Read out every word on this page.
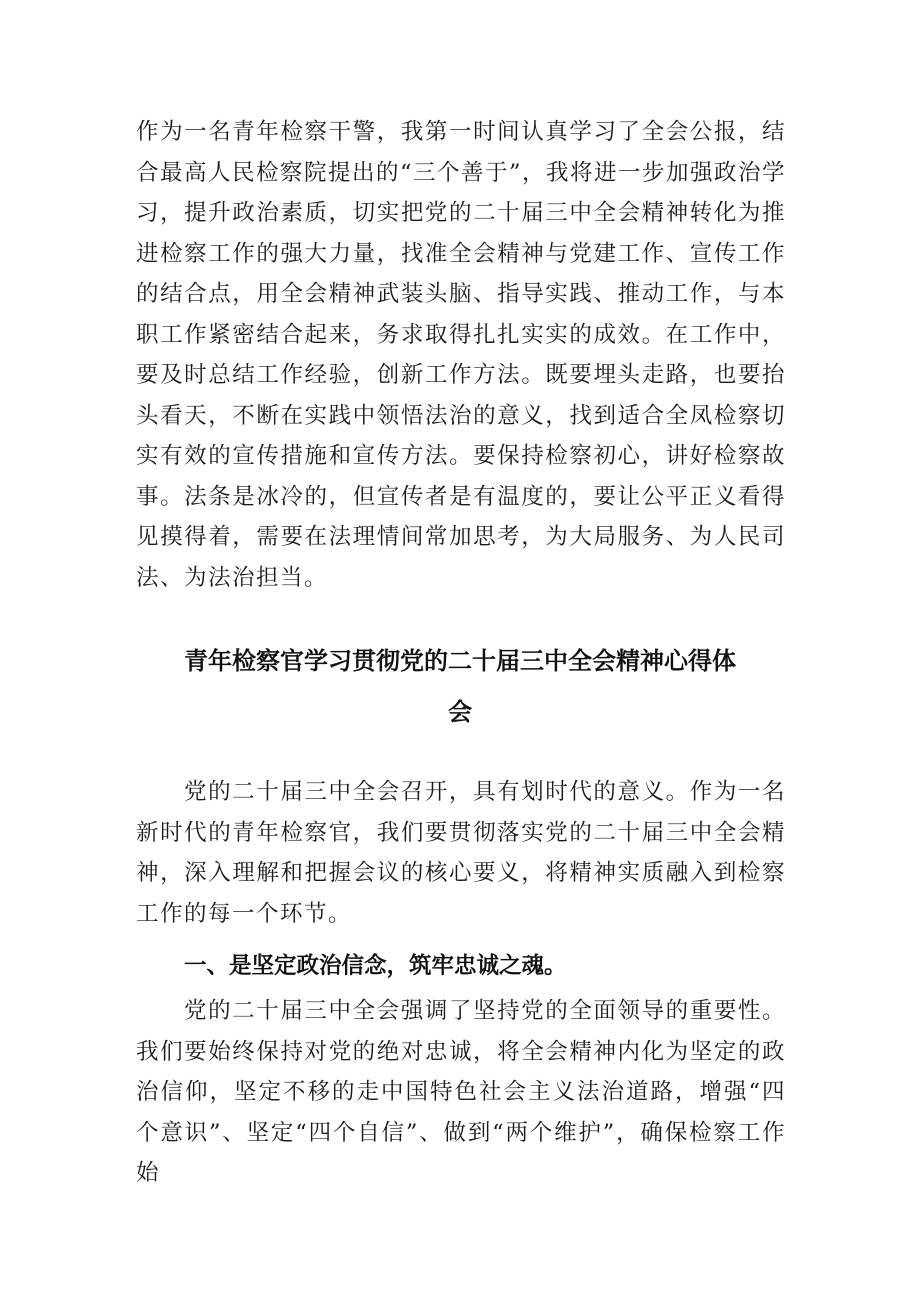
作为一名青年检察干警，我第一时间认真学习了全会公报，结合最高人民检察院提出的“三个善于”，我将进一步加强政治学习，提升政治素质，切实把党的二十届三中全会精神转化为推进检察工作的强大力量，找准全会精神与党建工作、宣传工作的结合点，用全会精神武装头脑、指导实践、推动工作，与本职工作紧密结合起来，务求取得扎扎实实的成效。在工作中，要及时总结工作经验，创新工作方法。既要埋头走路，也要抬头看天，不断在实践中领悟法治的意义，找到适合全凤检察切实有效的宣传措施和宣传方法。要保持检察初心，讲好检察故事。法条是冰冷的，但宣传者是有温度的，要让公平正义看得见摸得着，需要在法理情间常加思考，为大局服务、为人民司法、为法治担当。

青年检察官学习贯彻党的二十届三中全会精神心得体会

党的二十届三中全会召开，具有划时代的意义。作为一名新时代的青年检察官，我们要贯彻落实党的二十届三中全会精神，深入理解和把握会议的核心要义，将精神实质融入到检察工作的每一个环节。

一、是坚定政治信念，筑牢忠诚之魂。

党的二十届三中全会强调了坚持党的全面领导的重要性。我们要始终保持对党的绝对忠诚，将全会精神内化为坚定的政治信仰，坚定不移的走中国特色社会主义法治道路，增强“四个意识”、坚定“四个自信”、做到“两个维护”，确保检察工作始
